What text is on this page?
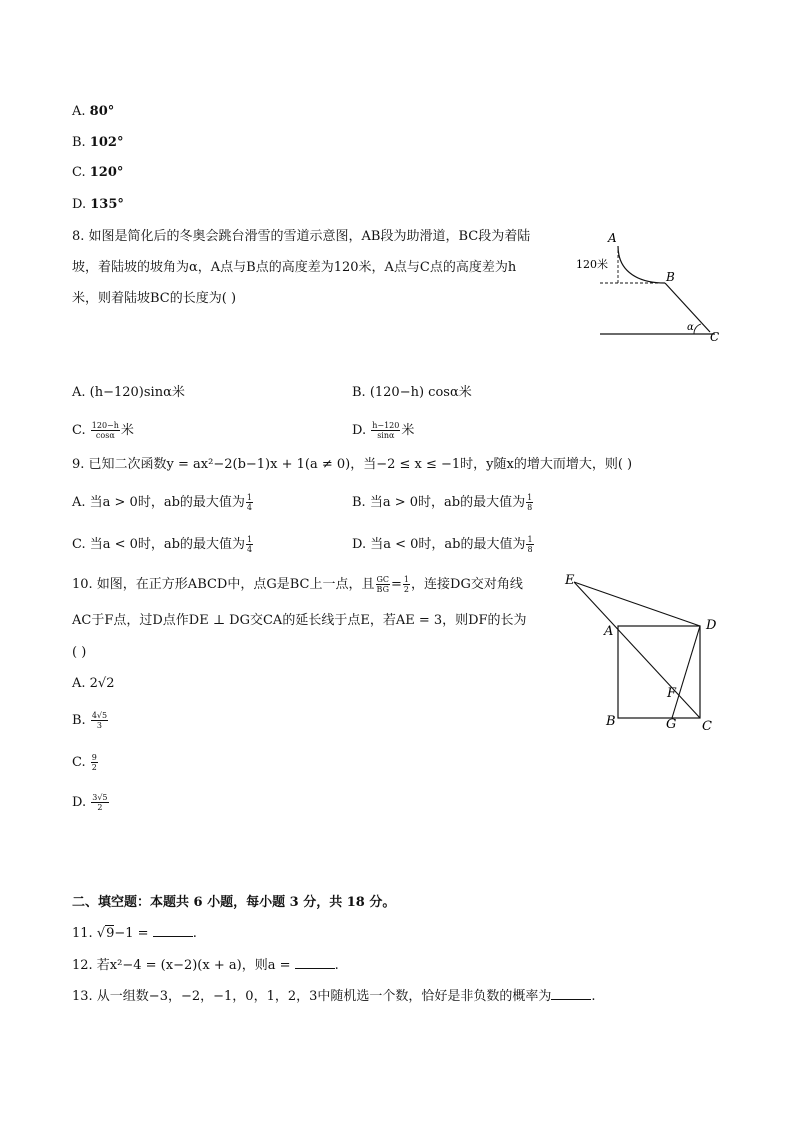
A. 80°
B. 102°
C. 120°
D. 135°
8. 如图是简化后的冬奥会跳台滑雪的雪道示意图，AB段为助滑道，BC段为着陆
坡，着陆坡的坡角为α，A点与B点的高度差为120米，A点与C点的高度差为h
米，则着陆坡BC的长度为( )
A
B
C
120米
α
A. (h−120)sinα米	B. (120−h) cosα米
C. $\frac{120-h}{\cos\alpha}$ 米	D. $\frac{h-120}{\sin\alpha}$ 米
9. 已知二次函数y = ax²−2(b−1)x + 1(a ≠ 0)，当−2 ≤ x ≤ −1时，y随x的增大而增大，则( )
A. 当a > 0时，ab的最大值为 $\frac{1}{4}$	B. 当a > 0时，ab的最大值为 $\frac{1}{8}$
C. 当a < 0时，ab的最大值为 $\frac{1}{4}$	D. 当a < 0时，ab的最大值为 $\frac{1}{8}$
10. 如图，在正方形ABCD中，点G是BC上一点，且 $\frac{GC}{BG} = \frac{1}{2}$ ，连接DG交对角线
AC于F点，过D点作DE ⊥ DG交CA的延长线于点E，若AE = 3，则DF的长为
( )
E
A	D
F
B	G C
A. 2√2
B. $\frac{4√5}{3}$
C. $\frac{9}{2}$
D. $\frac{3√5}{2}$
二、填空题：本题共 6 小题，每小题 3 分，共 18 分。
11. √9−1 =	.
12. 若x²−4 = (x−2)(x + a)，则a =	.
13. 从一组数−3，−2，−1，0，1，2，3中随机选一个数，恰好是非负数的概率为	.
